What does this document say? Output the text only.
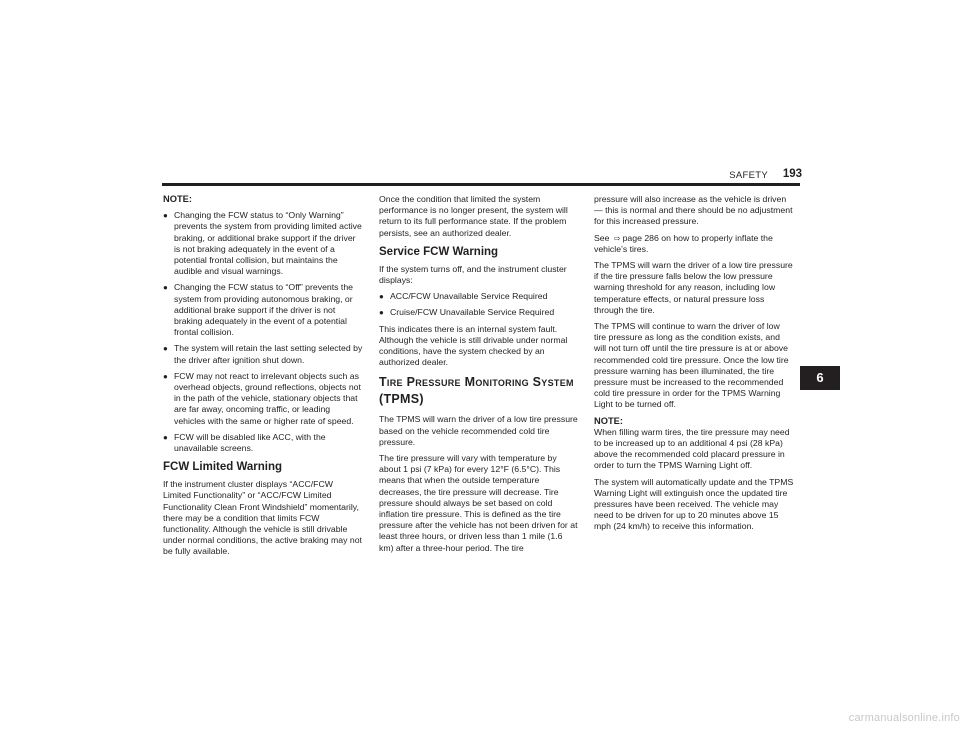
SAFETY	193

NOTE:

● Changing the FCW status to “Only Warning” prevents the system from providing limited active braking, or additional brake support if the driver is not braking adequately in the event of a potential frontal collision, but maintains the audible and visual warnings.
● Changing the FCW status to “Off” prevents the system from providing autonomous braking, or additional brake support if the driver is not braking adequately in the event of a potential frontal collision.
● The system will retain the last setting selected by the driver after ignition shut down.
● FCW may not react to irrelevant objects such as overhead objects, ground reflections, objects not in the path of the vehicle, stationary objects that are far away, oncoming traffic, or leading vehicles with the same or higher rate of speed.
● FCW will be disabled like ACC, with the unavailable screens.
FCW Limited Warning

If the instrument cluster displays “ACC/FCW Limited Functionality” or “ACC/FCW Limited Functionality Clean Front Windshield” momentarily, there may be a condition that limits FCW functionality. Although the vehicle is still drivable under normal conditions, the active braking may not be fully available.

Once the condition that limited the system performance is no longer present, the system will return to its full performance state. If the problem persists, see an authorized dealer.

Service FCW Warning

If the system turns off, and the instrument cluster displays:

● ACC/FCW Unavailable Service Required
● Cruise/FCW Unavailable Service Required

This indicates there is an internal system fault. Although the vehicle is still drivable under normal conditions, have the system checked by an authorized dealer.

Tire Pressure Monitoring System (TPMS)

The TPMS will warn the driver of a low tire pressure based on the vehicle recommended cold tire pressure.

The tire pressure will vary with temperature by about 1 psi (7 kPa) for every 12°F (6.5°C). This means that when the outside temperature decreases, the tire pressure will decrease. Tire pressure should always be set based on cold inflation tire pressure. This is defined as the tire pressure after the vehicle has not been driven for at least three hours, or driven less than 1 mile (1.6 km) after a three-hour period. The tire

pressure will also increase as the vehicle is driven — this is normal and there should be no adjustment for this increased pressure.

See ⇨ page 286 on how to properly inflate the vehicle’s tires.

The TPMS will warn the driver of a low tire pressure if the tire pressure falls below the low pressure warning threshold for any reason, including low temperature effects, or natural pressure loss through the tire.

The TPMS will continue to warn the driver of low tire pressure as long as the condition exists, and will not turn off until the tire pressure is at or above recommended cold tire pressure. Once the low tire pressure warning has been illuminated, the tire pressure must be increased to the recommended cold tire pressure in order for the TPMS Warning Light to be turned off.

NOTE:

When filling warm tires, the tire pressure may need to be increased up to an additional 4 psi (28 kPa) above the recommended cold placard pressure in order to turn the TPMS Warning Light off.

The system will automatically update and the TPMS Warning Light will extinguish once the updated tire pressures have been received. The vehicle may need to be driven for up to 20 minutes above 15 mph (24 km/h) to receive this information.

6
carmanualsonline.info
